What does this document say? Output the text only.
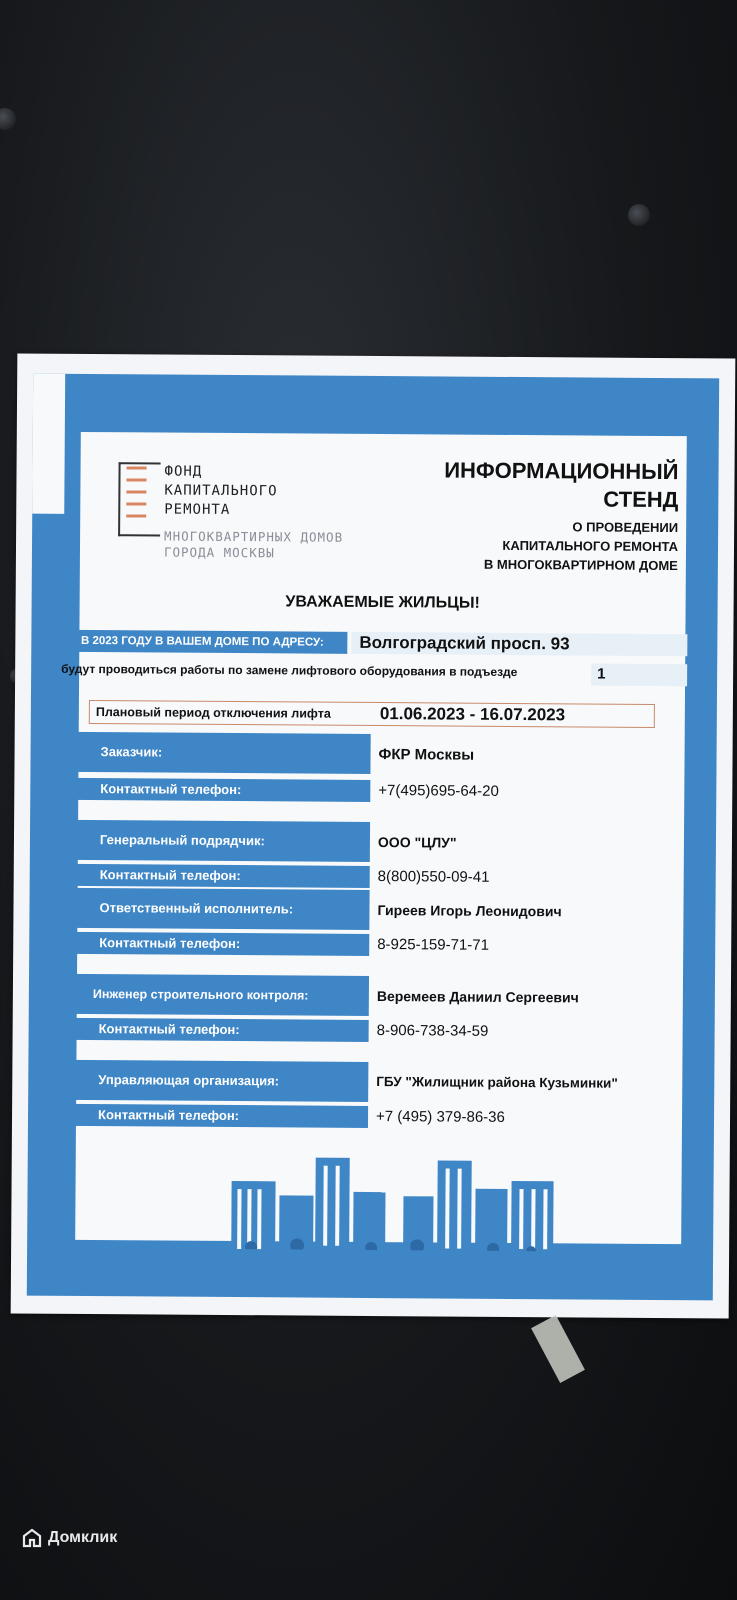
ФОНД
КАПИТАЛЬНОГО
РЕМОНТА
МНОГОКВАРТИРНЫХ ДОМОВ
ГОРОДА МОСКВЫ
ИНФОРМАЦИОННЫЙ
СТЕНД
О ПРОВЕДЕНИИ
КАПИТАЛЬНОГО РЕМОНТА
В МНОГОКВАРТИРНОМ ДОМЕ
УВАЖАЕМЫЕ ЖИЛЬЦЫ!
В 2023 ГОДУ В ВАШЕМ ДОМЕ ПО АДРЕСУ:	Волгоградский просп. 93
будут проводиться работы по замене лифтового оборудования в подъезде	1
Плановый период отключения лифта	01.06.2023 - 16.07.2023
Заказчик:	ФКР Москвы
Контактный телефон:	+7(495)695-64-20
Генеральный подрядчик:	ООО "ЦЛУ"
Контактный телефон:	8(800)550-09-41
Ответственный исполнитель:	Гиреев Игорь Леонидович
Контактный телефон:	8-925-159-71-71
Инженер строительного контроля:	Веремеев Даниил Сергеевич
Контактный телефон:	8-906-738-34-59
Управляющая организация:	ГБУ "Жилищник района Кузьминки"
Контактный телефон:	+7 (495) 379-86-36
Домклик
